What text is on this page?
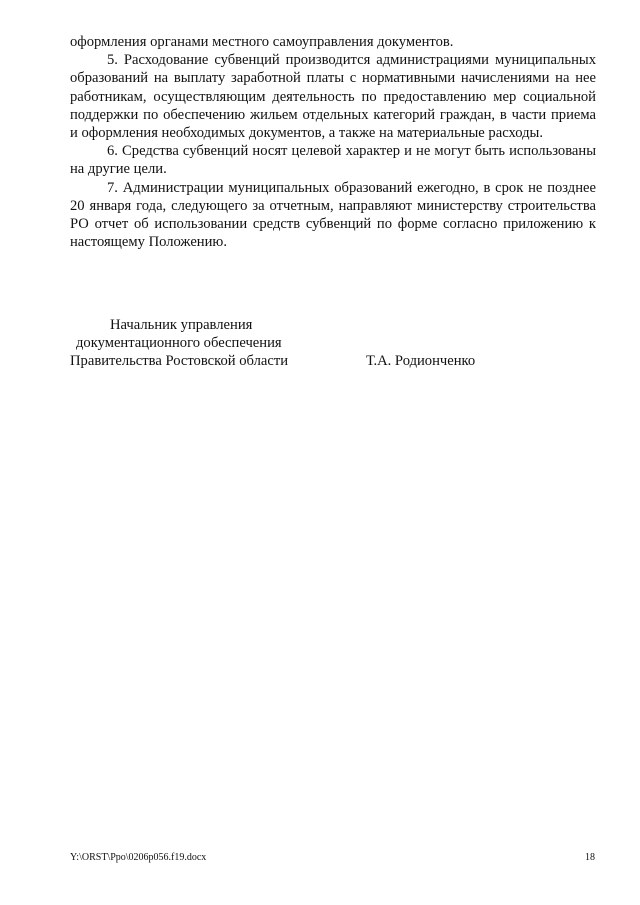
оформления органами местного самоуправления документов.

5. Расходование субвенций производится администрациями муниципальных образований на выплату заработной платы с нормативными начислениями на нее работникам, осуществляющим деятельность по предоставлению мер социальной поддержки по обеспечению жильем отдельных категорий граждан, в части приема и оформления необходимых документов, а также на материальные расходы.

6. Средства субвенций носят целевой характер и не могут быть использованы на другие цели.

7. Администрации муниципальных образований ежегодно, в срок не позднее 20 января года, следующего за отчетным, направляют министерству строительства РО отчет об использовании средств субвенций по форме согласно приложению к настоящему Положению.

Начальник управления
документационного обеспечения
Правительства Ростовской области	Т.А. Родионченко
Y:\ORST\Ppo\0206p056.f19.docx	18
